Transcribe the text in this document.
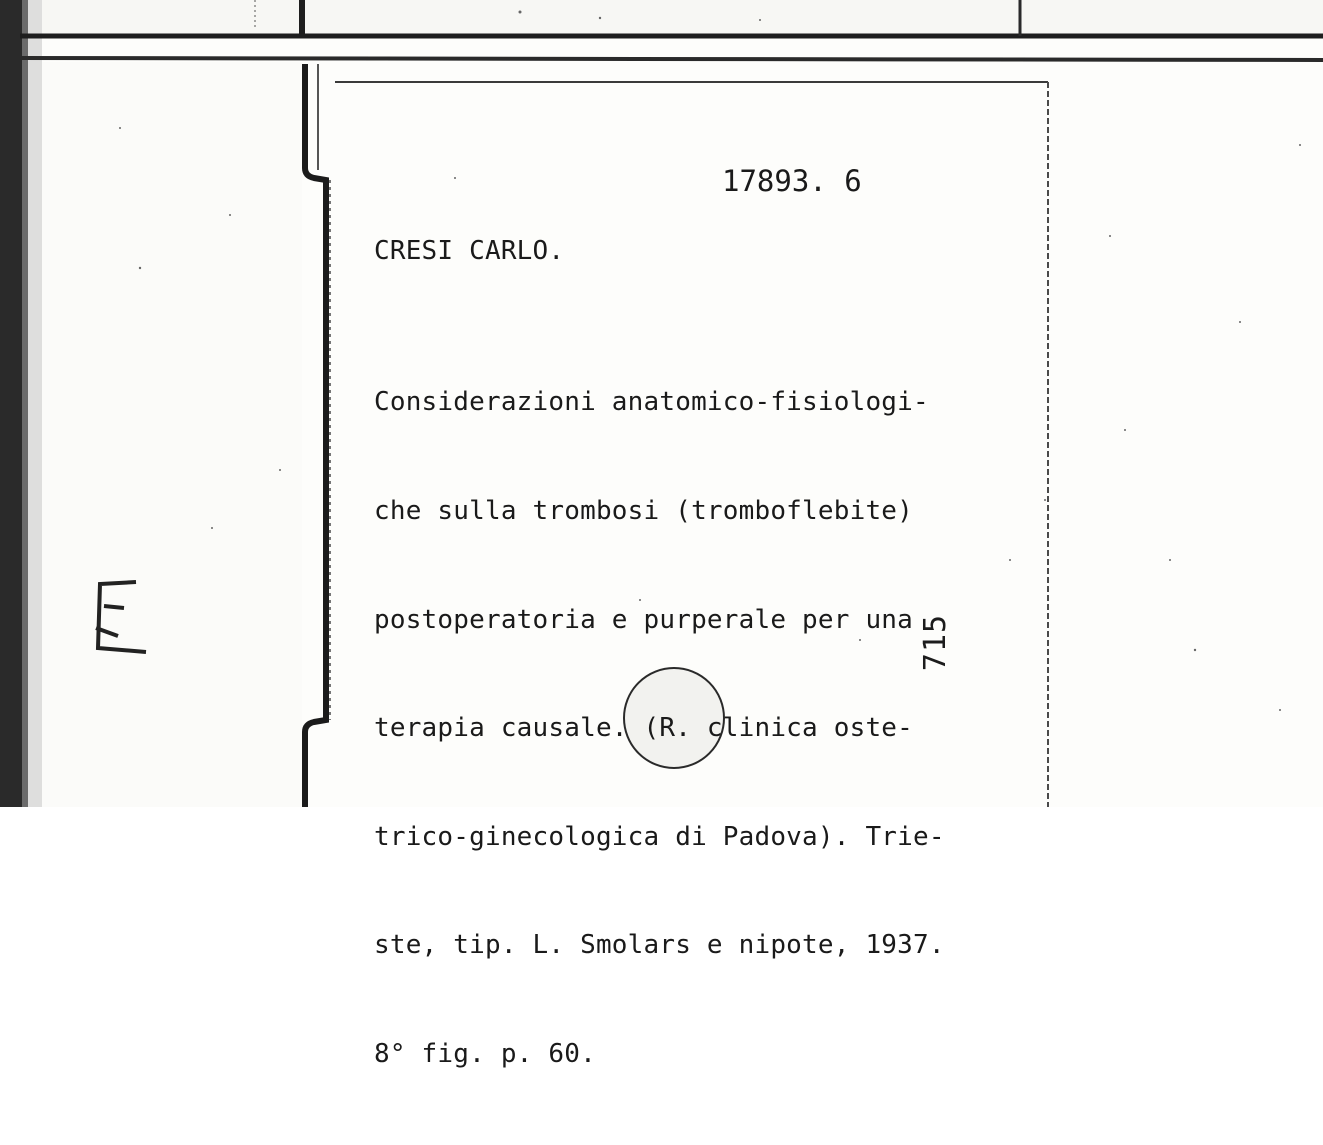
17893. 6
CRESI CARLO.

Considerazioni anatomico-fisiologi-

che sulla trombosi (tromboflebite)

postoperatoria e purperale per una

terapia causale. (R. clinica oste-

trico-ginecologica di Padova). Trie-

ste, tip. L. Smolars e nipote, 1937.

8° fig. p. 60.

715
